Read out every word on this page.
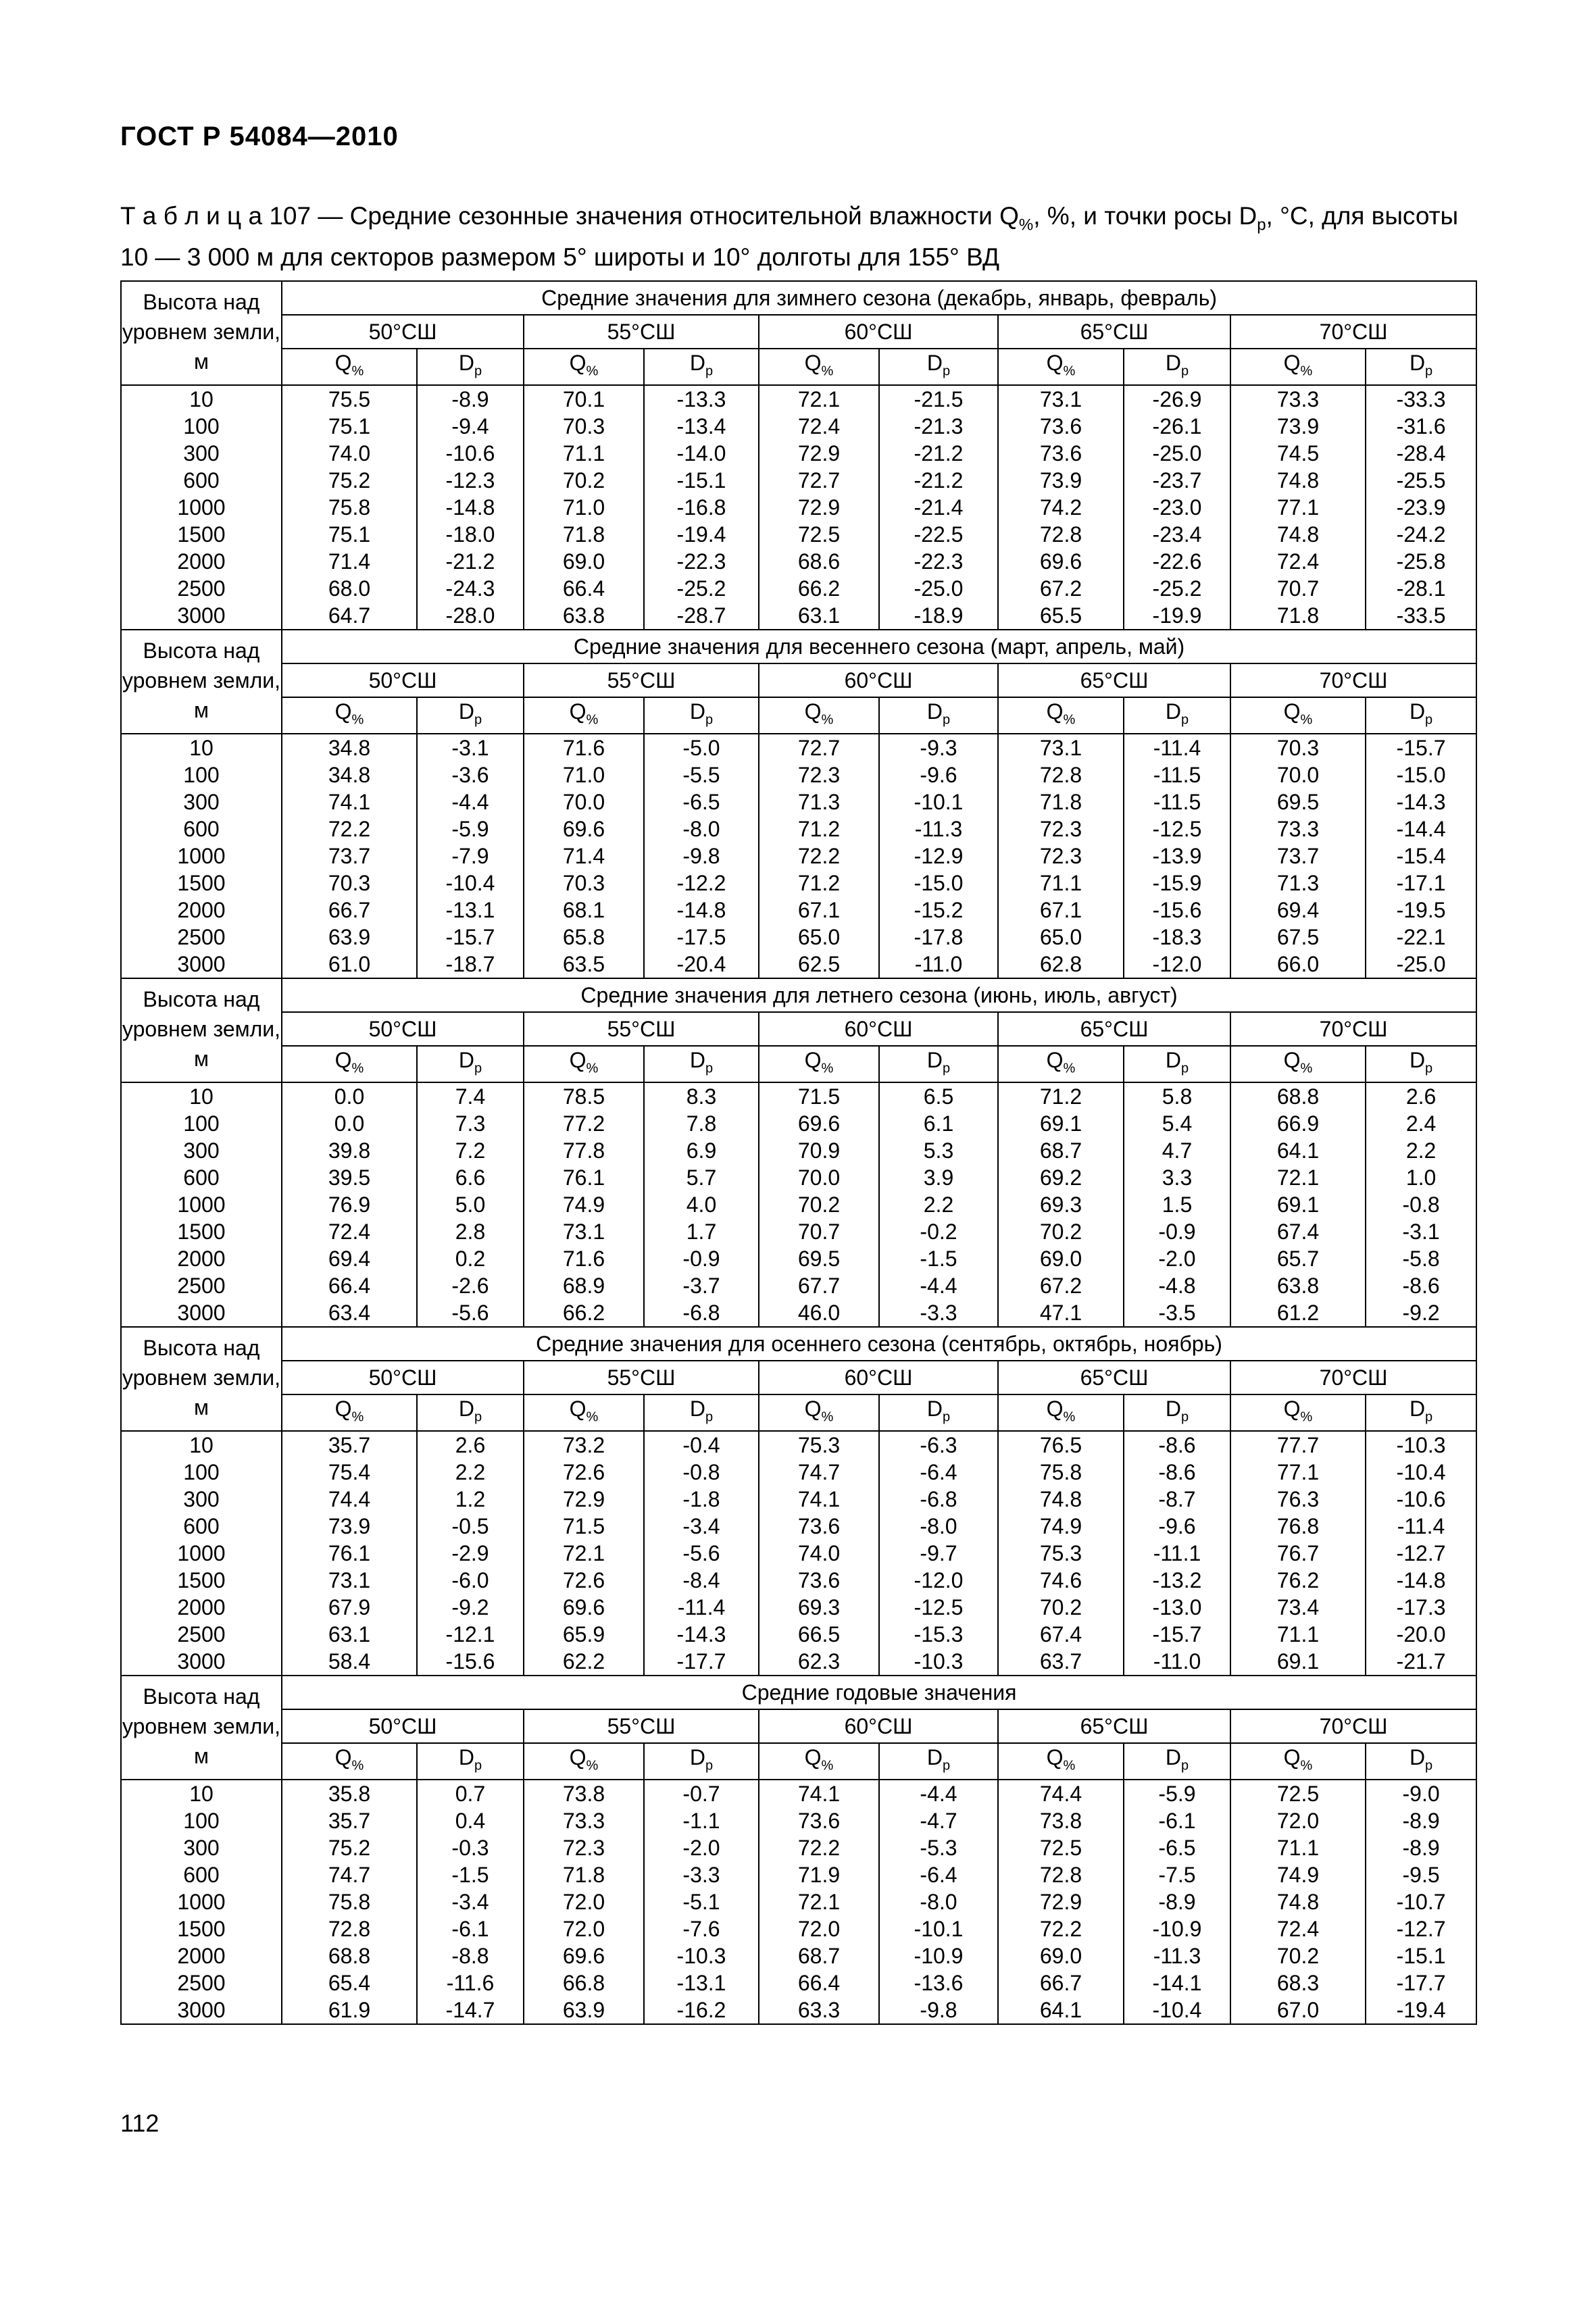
ГОСТ Р 54084—2010
Т а б л и ц а 107 — Средние сезонные значения относительной влажности $Q_{\%}$, %, и точки росы $D_p$, °C, для высоты
10 — 3 000 м для секторов размером 5° широты и 10° долготы для 155° ВД
Высота над уровнем земли, м	Средние значения для зимнего сезона (декабрь, январь, февраль)									
	50°СШ		55°СШ		60°СШ		65°СШ		70°СШ	
	$Q_{\%}$	$D_p$	$Q_{\%}$	$D_p$	$Q_{\%}$	$D_p$	$Q_{\%}$	$D_p$	$Q_{\%}$	$D_p$
10	75.5	-8.9	70.1	-13.3	72.1	-21.5	73.1	-26.9	73.3	-33.3
100	75.1	-9.4	70.3	-13.4	72.4	-21.3	73.6	-26.1	73.9	-31.6
300	74.0	-10.6	71.1	-14.0	72.9	-21.2	73.6	-25.0	74.5	-28.4
600	75.2	-12.3	70.2	-15.1	72.7	-21.2	73.9	-23.7	74.8	-25.5
1000	75.8	-14.8	71.0	-16.8	72.9	-21.4	74.2	-23.0	77.1	-23.9
1500	75.1	-18.0	71.8	-19.4	72.5	-22.5	72.8	-23.4	74.8	-24.2
2000	71.4	-21.2	69.0	-22.3	68.6	-22.3	69.6	-22.6	72.4	-25.8
2500	68.0	-24.3	66.4	-25.2	66.2	-25.0	67.2	-25.2	70.7	-28.1
3000	64.7	-28.0	63.8	-28.7	63.1	-18.9	65.5	-19.9	71.8	-33.5
Высота над уровнем земли, м	Средние значения для весеннего сезона (март, апрель, май)									
	50°СШ		55°СШ		60°СШ		65°СШ		70°СШ	
	$Q_{\%}$	$D_p$	$Q_{\%}$	$D_p$	$Q_{\%}$	$D_p$	$Q_{\%}$	$D_p$	$Q_{\%}$	$D_p$
10	34.8	-3.1	71.6	-5.0	72.7	-9.3	73.1	-11.4	70.3	-15.7
100	34.8	-3.6	71.0	-5.5	72.3	-9.6	72.8	-11.5	70.0	-15.0
300	74.1	-4.4	70.0	-6.5	71.3	-10.1	71.8	-11.5	69.5	-14.3
600	72.2	-5.9	69.6	-8.0	71.2	-11.3	72.3	-12.5	73.3	-14.4
1000	73.7	-7.9	71.4	-9.8	72.2	-12.9	72.3	-13.9	73.7	-15.4
1500	70.3	-10.4	70.3	-12.2	71.2	-15.0	71.1	-15.9	71.3	-17.1
2000	66.7	-13.1	68.1	-14.8	67.1	-15.2	67.1	-15.6	69.4	-19.5
2500	63.9	-15.7	65.8	-17.5	65.0	-17.8	65.0	-18.3	67.5	-22.1
3000	61.0	-18.7	63.5	-20.4	62.5	-11.0	62.8	-12.0	66.0	-25.0
Высота над уровнем земли, м	Средние значения для летнего сезона (июнь, июль, август)									
	50°СШ		55°СШ		60°СШ		65°СШ		70°СШ	
	$Q_{\%}$	$D_p$	$Q_{\%}$	$D_p$	$Q_{\%}$	$D_p$	$Q_{\%}$	$D_p$	$Q_{\%}$	$D_p$
10	0.0	7.4	78.5	8.3	71.5	6.5	71.2	5.8	68.8	2.6
100	0.0	7.3	77.2	7.8	69.6	6.1	69.1	5.4	66.9	2.4
300	39.8	7.2	77.8	6.9	70.9	5.3	68.7	4.7	64.1	2.2
600	39.5	6.6	76.1	5.7	70.0	3.9	69.2	3.3	72.1	1.0
1000	76.9	5.0	74.9	4.0	70.2	2.2	69.3	1.5	69.1	-0.8
1500	72.4	2.8	73.1	1.7	70.7	-0.2	70.2	-0.9	67.4	-3.1
2000	69.4	0.2	71.6	-0.9	69.5	-1.5	69.0	-2.0	65.7	-5.8
2500	66.4	-2.6	68.9	-3.7	67.7	-4.4	67.2	-4.8	63.8	-8.6
3000	63.4	-5.6	66.2	-6.8	46.0	-3.3	47.1	-3.5	61.2	-9.2
Высота над уровнем земли, м	Средние значения для осеннего сезона (сентябрь, октябрь, ноябрь)									
	50°СШ		55°СШ		60°СШ		65°СШ		70°СШ	
	$Q_{\%}$	$D_p$	$Q_{\%}$	$D_p$	$Q_{\%}$	$D_p$	$Q_{\%}$	$D_p$	$Q_{\%}$	$D_p$
10	35.7	2.6	73.2	-0.4	75.3	-6.3	76.5	-8.6	77.7	-10.3
100	75.4	2.2	72.6	-0.8	74.7	-6.4	75.8	-8.6	77.1	-10.4
300	74.4	1.2	72.9	-1.8	74.1	-6.8	74.8	-8.7	76.3	-10.6
600	73.9	-0.5	71.5	-3.4	73.6	-8.0	74.9	-9.6	76.8	-11.4
1000	76.1	-2.9	72.1	-5.6	74.0	-9.7	75.3	-11.1	76.7	-12.7
1500	73.1	-6.0	72.6	-8.4	73.6	-12.0	74.6	-13.2	76.2	-14.8
2000	67.9	-9.2	69.6	-11.4	69.3	-12.5	70.2	-13.0	73.4	-17.3
2500	63.1	-12.1	65.9	-14.3	66.5	-15.3	67.4	-15.7	71.1	-20.0
3000	58.4	-15.6	62.2	-17.7	62.3	-10.3	63.7	-11.0	69.1	-21.7
Высота над уровнем земли, м	Средние годовые значения									
	50°СШ		55°СШ		60°СШ		65°СШ		70°СШ	
	$Q_{\%}$	$D_p$	$Q_{\%}$	$D_p$	$Q_{\%}$	$D_p$	$Q_{\%}$	$D_p$	$Q_{\%}$	$D_p$
10	35.8	0.7	73.8	-0.7	74.1	-4.4	74.4	-5.9	72.5	-9.0
100	35.7	0.4	73.3	-1.1	73.6	-4.7	73.8	-6.1	72.0	-8.9
300	75.2	-0.3	72.3	-2.0	72.2	-5.3	72.5	-6.5	71.1	-8.9
600	74.7	-1.5	71.8	-3.3	71.9	-6.4	72.8	-7.5	74.9	-9.5
1000	75.8	-3.4	72.0	-5.1	72.1	-8.0	72.9	-8.9	74.8	-10.7
1500	72.8	-6.1	72.0	-7.6	72.0	-10.1	72.2	-10.9	72.4	-12.7
2000	68.8	-8.8	69.6	-10.3	68.7	-10.9	69.0	-11.3	70.2	-15.1
2500	65.4	-11.6	66.8	-13.1	66.4	-13.6	66.7	-14.1	68.3	-17.7
3000	61.9	-14.7	63.9	-16.2	63.3	-9.8	64.1	-10.4	67.0	-19.4
112
